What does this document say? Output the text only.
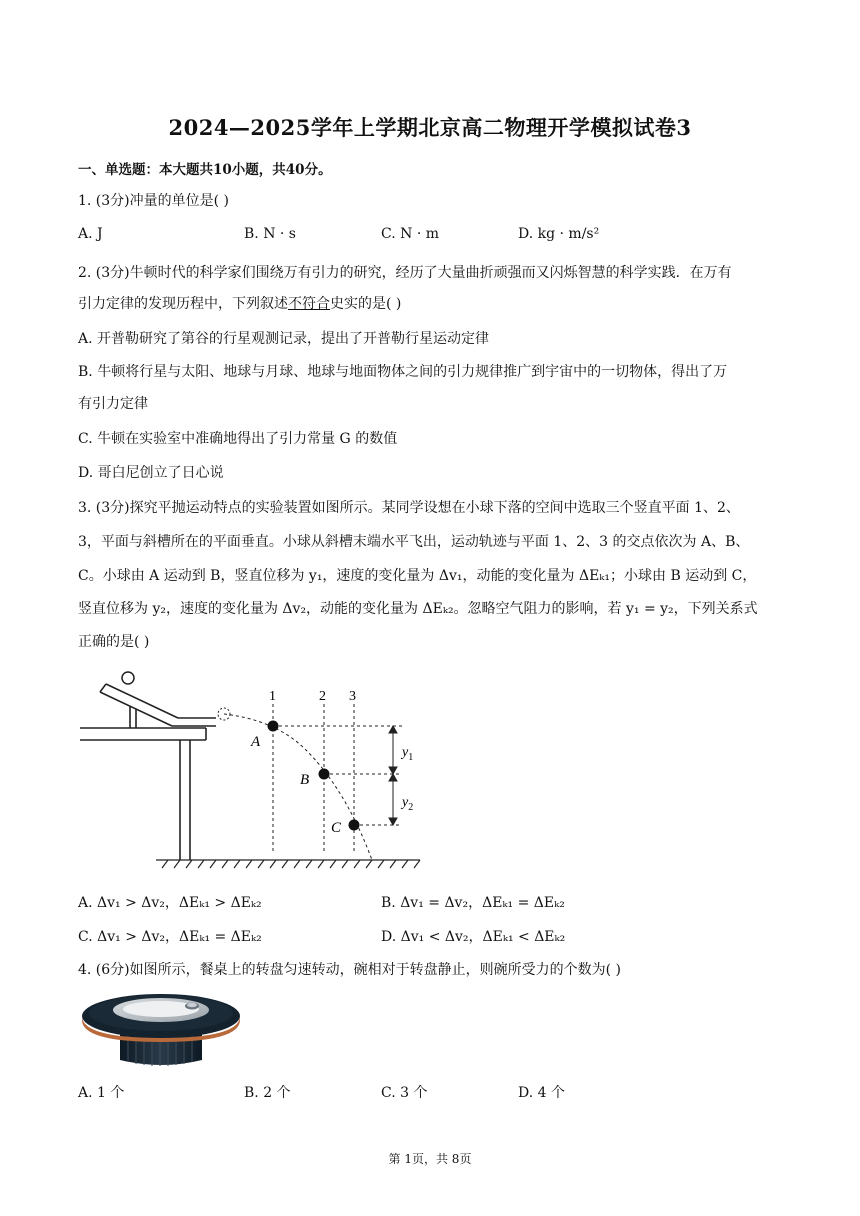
2024—2025学年上学期北京高二物理开学模拟试卷3
一、单选题：本大题共10小题，共40分。
1. (3分)冲量的单位是( )
A. J	B. N · s	C. N · m	D. kg · m/s²
2. (3分)牛顿时代的科学家们围绕万有引力的研究，经历了大量曲折顽强而又闪烁智慧的科学实践．在万有
引力定律的发现历程中，下列叙述不符合史实的是( )
A. 开普勒研究了第谷的行星观测记录，提出了开普勒行星运动定律
B. 牛顿将行星与太阳、地球与月球、地球与地面物体之间的引力规律推广到宇宙中的一切物体，得出了万
有引力定律
C. 牛顿在实验室中准确地得出了引力常量 G 的数值
D. 哥白尼创立了日心说
3. (3分)探究平抛运动特点的实验装置如图所示。某同学设想在小球下落的空间中选取三个竖直平面 1、2、
3，平面与斜槽所在的平面垂直。小球从斜槽末端水平飞出，运动轨迹与平面 1、2、3 的交点依次为 A、B、
C。小球由 A 运动到 B，竖直位移为 y₁，速度的变化量为 Δv₁，动能的变化量为 ΔEₖ₁；小球由 B 运动到 C，
竖直位移为 y₂，速度的变化量为 Δv₂，动能的变化量为 ΔEₖ₂。忽略空气阻力的影响，若 y₁ = y₂，下列关系式
正确的是( )
1	2 3
A
B
C
$y_1$
$y_2$
A. Δv₁ > Δv₂，ΔEₖ₁ > ΔEₖ₂	B. Δv₁ = Δv₂，ΔEₖ₁ = ΔEₖ₂
C. Δv₁ > Δv₂，ΔEₖ₁ = ΔEₖ₂	D. Δv₁ < Δv₂，ΔEₖ₁ < ΔEₖ₂
4. (6分)如图所示，餐桌上的转盘匀速转动，碗相对于转盘静止，则碗所受力的个数为( )
A. 1 个	B. 2 个	C. 3 个	D. 4 个
第 1页，共 8页
